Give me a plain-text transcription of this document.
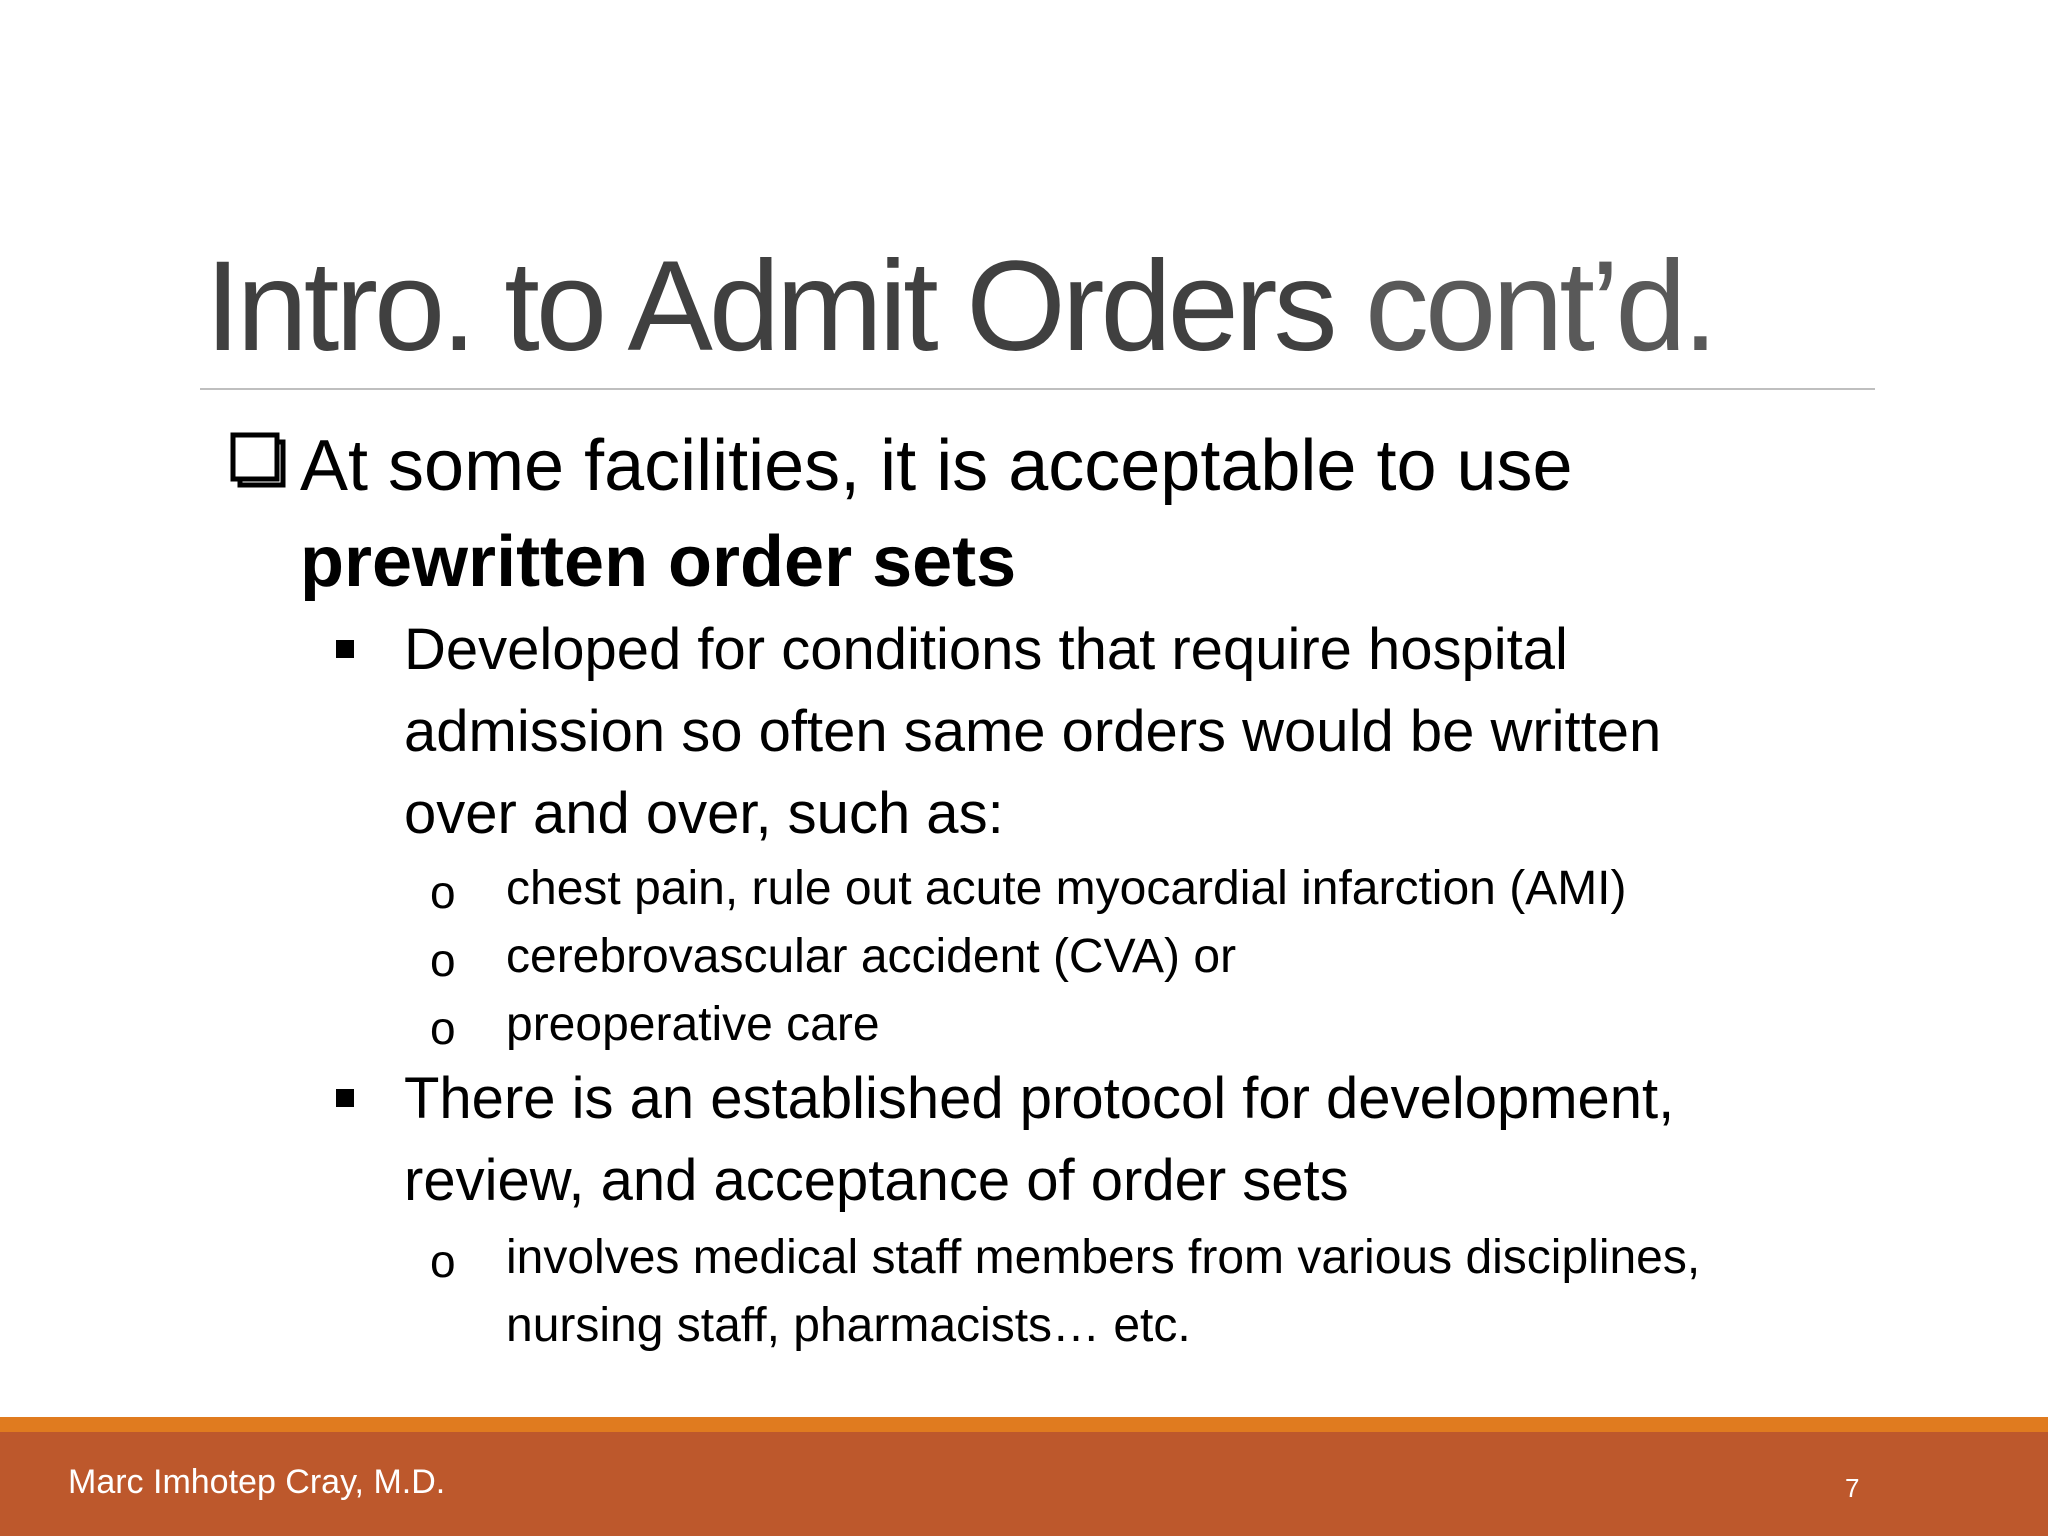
Intro. to Admit Orders cont’d.
At some facilities, it is acceptable to use
prewritten order sets
Developed for conditions that require hospital
admission so often same orders would be written
over and over, such as:
o chest pain, rule out acute myocardial infarction (AMI)
o cerebrovascular accident (CVA) or
o preoperative care
There is an established protocol for development,
review, and acceptance of order sets
o involves medical staff members from various disciplines,
nursing staff, pharmacists… etc.
Marc Imhotep Cray, M.D.	7
